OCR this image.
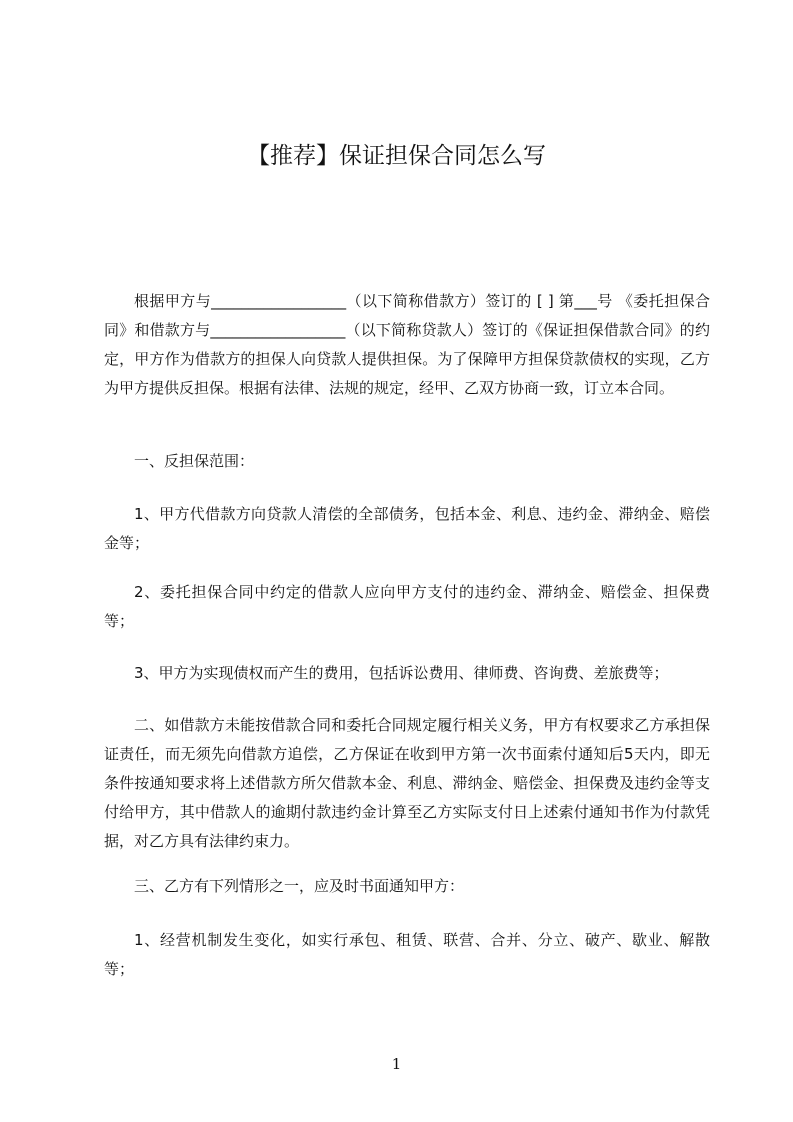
【推荐】保证担保合同怎么写
根据甲方与__________________（以下简称借款方）签订的 [ ] 第___号 《委托担保合同》和借款方与__________________（以下简称贷款人）签订的《保证担保借款合同》的约定，甲方作为借款方的担保人向贷款人提供担保。为了保障甲方担保贷款债权的实现，乙方为甲方提供反担保。根据有法律、法规的规定，经甲、乙双方协商一致，订立本合同。
一、反担保范围：
1、甲方代借款方向贷款人清偿的全部债务，包括本金、利息、违约金、滞纳金、赔偿金等；
2、委托担保合同中约定的借款人应向甲方支付的违约金、滞纳金、赔偿金、担保费等；
3、甲方为实现债权而产生的费用，包括诉讼费用、律师费、咨询费、差旅费等；
二、如借款方未能按借款合同和委托合同规定履行相关义务，甲方有权要求乙方承担保证责任，而无须先向借款方追偿，乙方保证在收到甲方第一次书面索付通知后5天内，即无条件按通知要求将上述借款方所欠借款本金、利息、滞纳金、赔偿金、担保费及违约金等支付给甲方，其中借款人的逾期付款违约金计算至乙方实际支付日上述索付通知书作为付款凭据，对乙方具有法律约束力。
三、乙方有下列情形之一，应及时书面通知甲方：
1、经营机制发生变化，如实行承包、租赁、联营、合并、分立、破产、歇业、解散等；
1
